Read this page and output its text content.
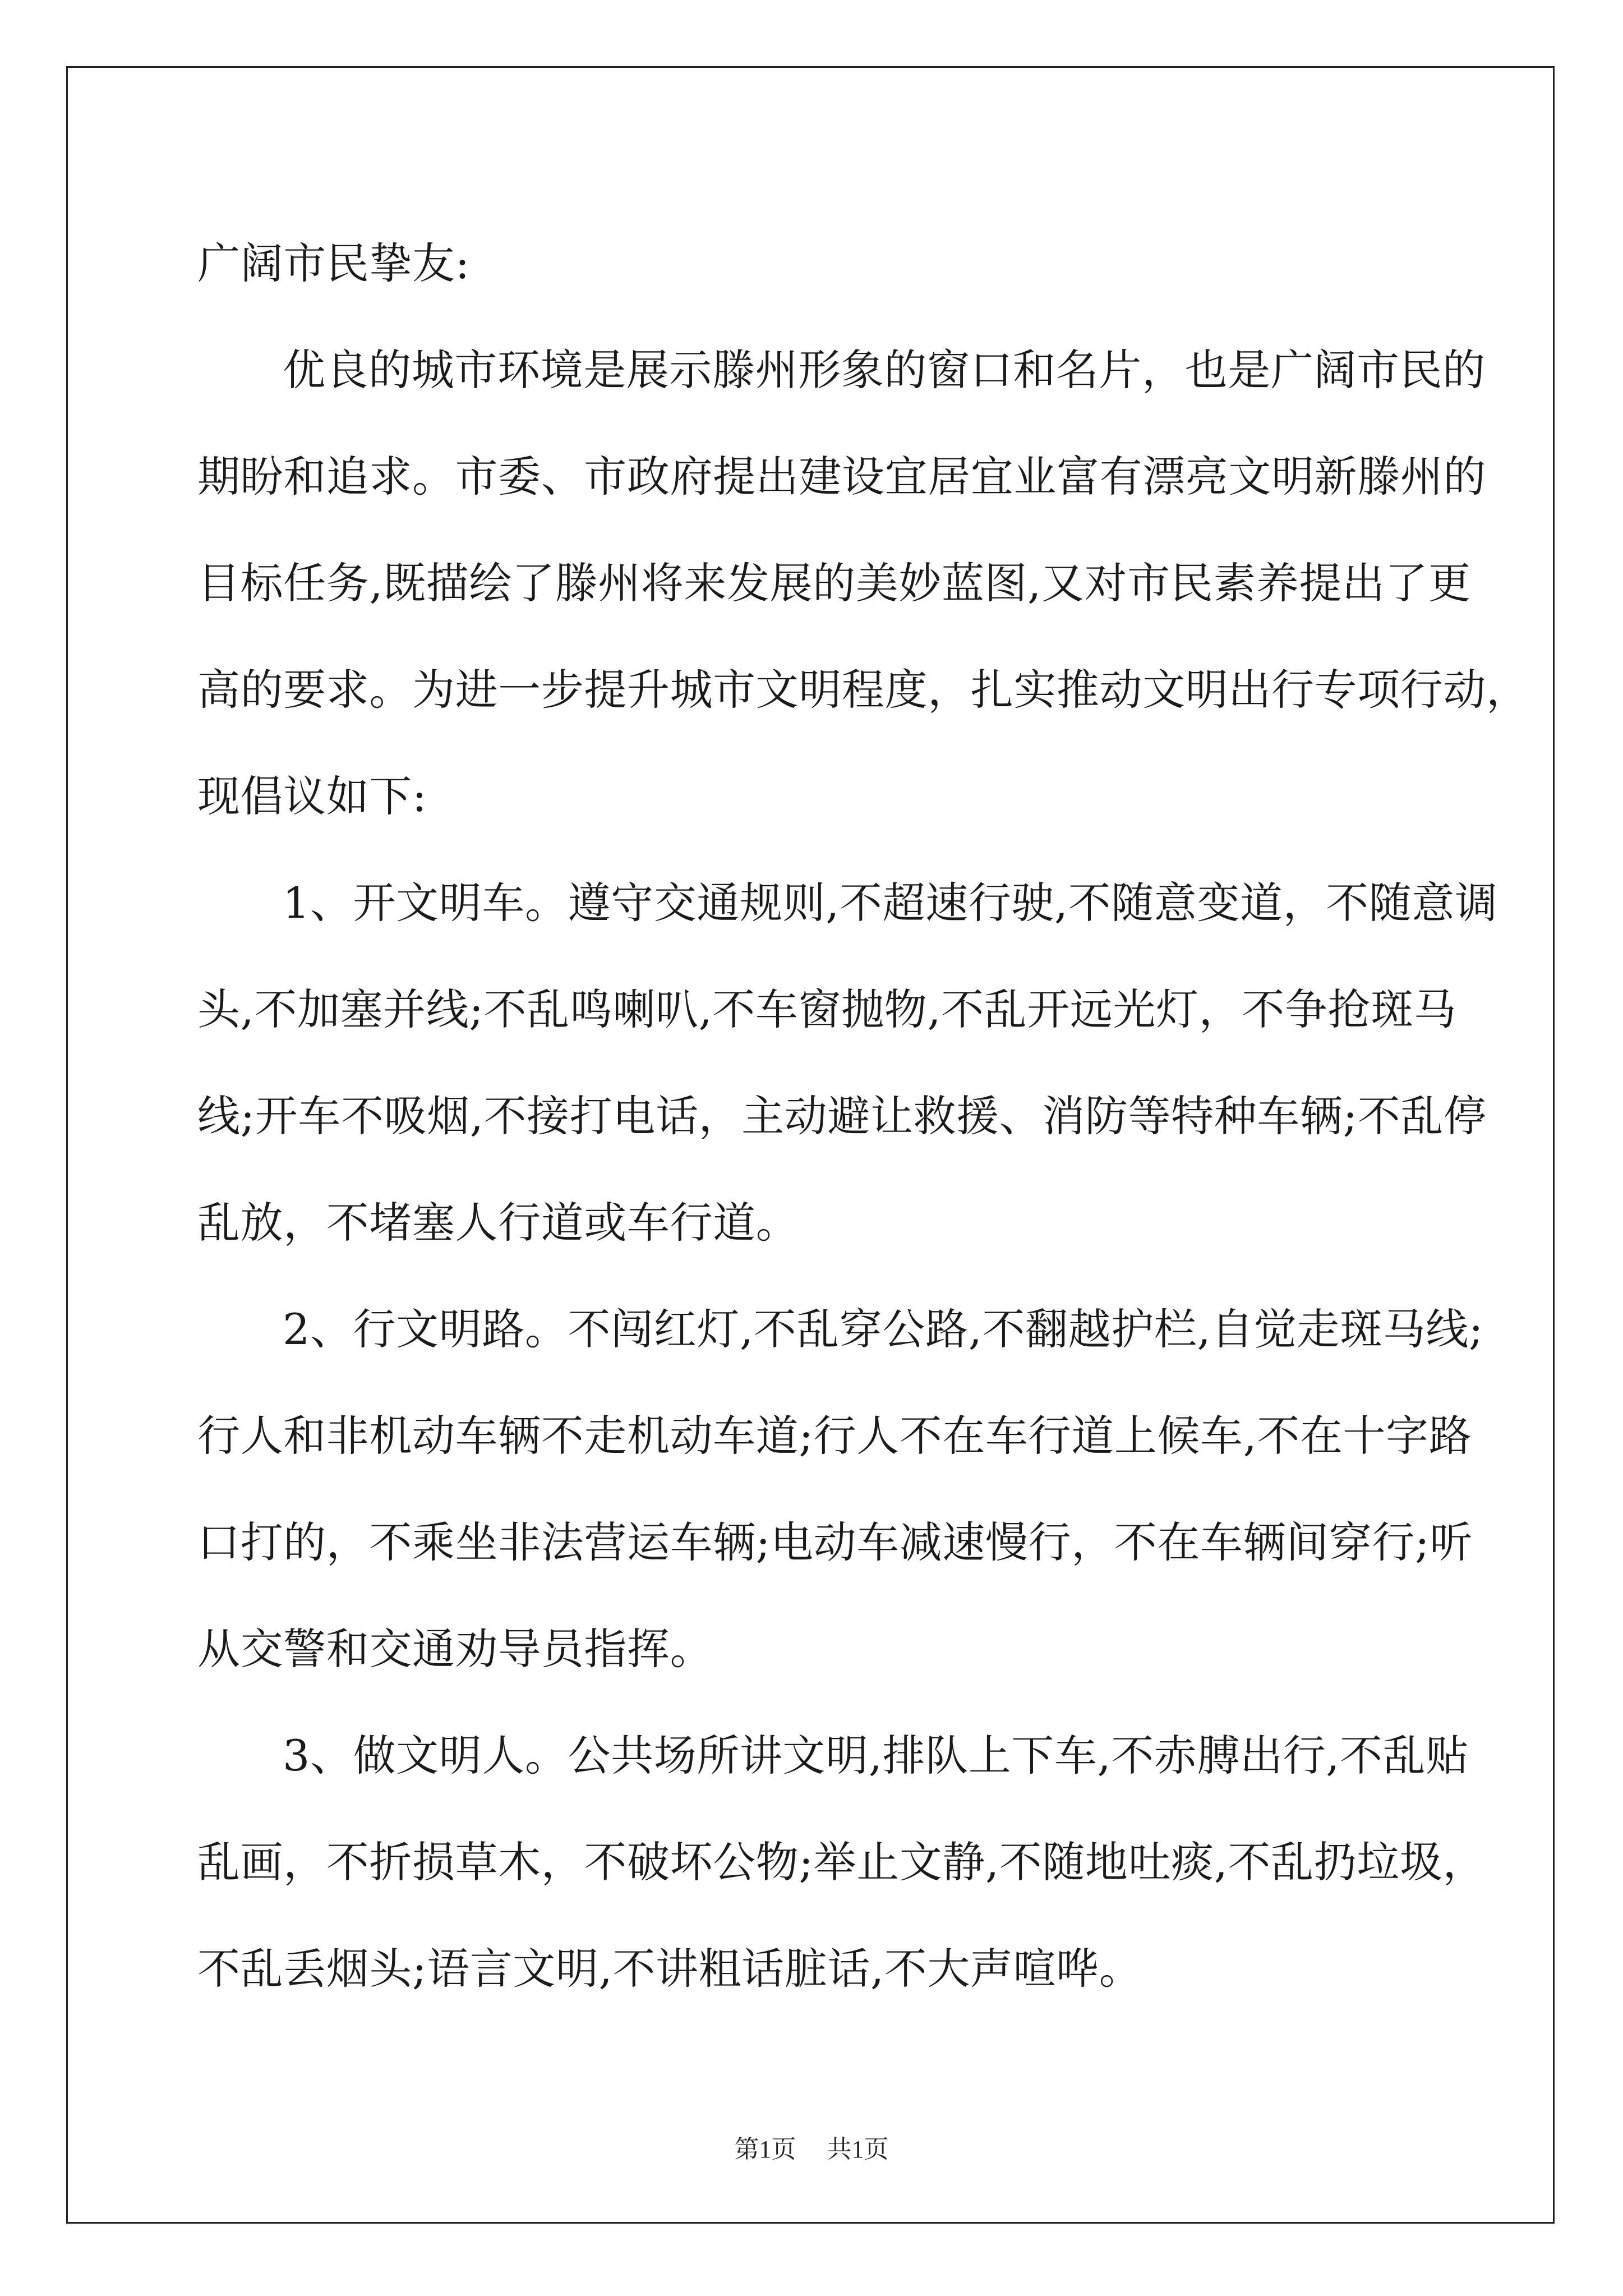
广阔市民挚友:
优良的城市环境是展示滕州形象的窗口和名片，也是广阔市民的
期盼和追求。市委、市政府提出建设宜居宜业富有漂亮文明新滕州的
目标任务,既描绘了滕州将来发展的美妙蓝图,又对市民素养提出了更
高的要求。为进一步提升城市文明程度，扎实推动文明出行专项行动，
现倡议如下:
1、开文明车。遵守交通规则,不超速行驶,不随意变道，不随意调
头,不加塞并线;不乱鸣喇叭,不车窗抛物,不乱开远光灯，不争抢斑马
线;开车不吸烟,不接打电话，主动避让救援、消防等特种车辆;不乱停
乱放，不堵塞人行道或车行道。
2、行文明路。不闯红灯,不乱穿公路,不翻越护栏,自觉走斑马线;
行人和非机动车辆不走机动车道;行人不在车行道上候车,不在十字路
口打的，不乘坐非法营运车辆;电动车减速慢行，不在车辆间穿行;听
从交警和交通劝导员指挥。
3、做文明人。公共场所讲文明,排队上下车,不赤膊出行,不乱贴
乱画，不折损草木，不破坏公物;举止文静,不随地吐痰,不乱扔垃圾，
不乱丢烟头;语言文明,不讲粗话脏话,不大声喧哗。
第1页 共1页
